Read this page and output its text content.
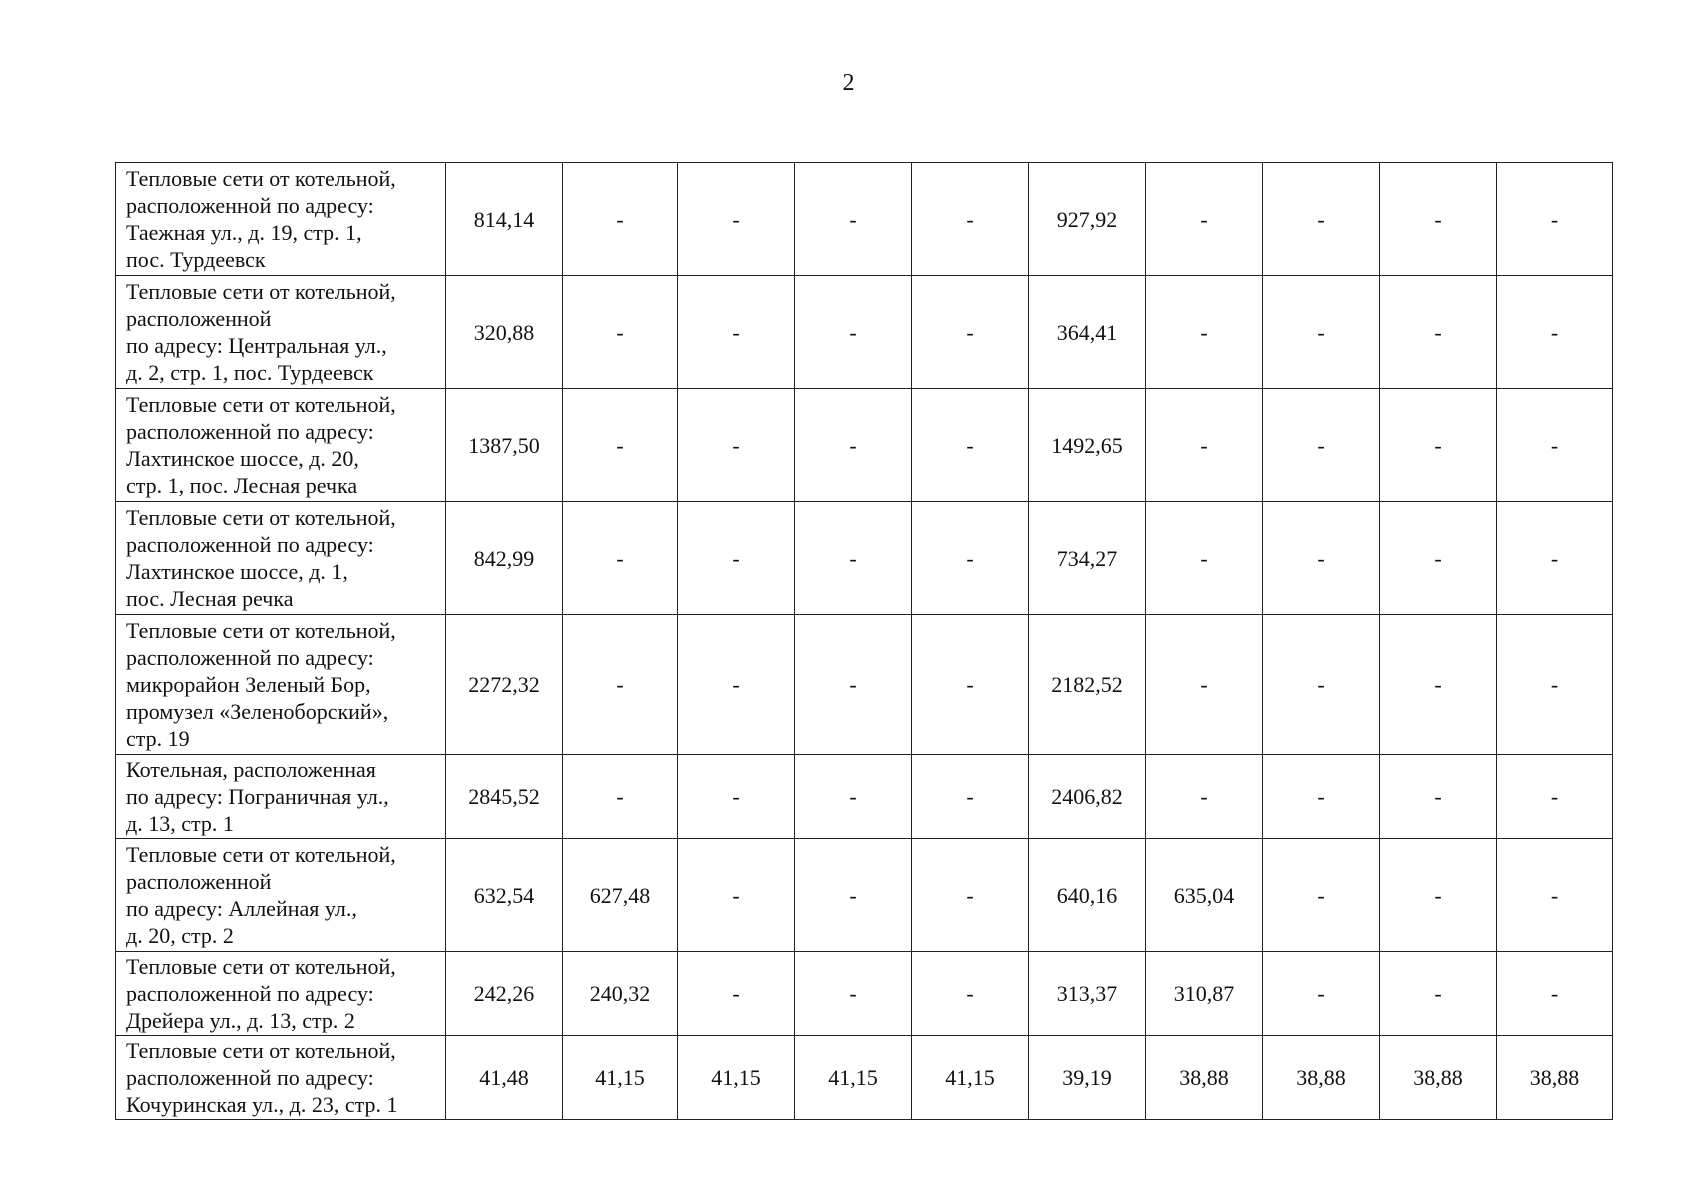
2
Тепловые сети от котельной,
расположенной по адресу:
Таежная ул., д. 19, стр. 1,
пос. Турдеевск	814,14	-	-	-	-	927,92	-	-	-	-

Тепловые сети от котельной,
расположенной
по адресу: Центральная ул.,
д. 2, стр. 1, пос. Турдеевск	320,88	-	-	-	-	364,41	-	-	-	-

Тепловые сети от котельной,
расположенной по адресу:
Лахтинское шоссе, д. 20,
стр. 1, пос. Лесная речка	1387,50	-	-	-	-	1492,65	-	-	-	-

Тепловые сети от котельной,
расположенной по адресу:
Лахтинское шоссе, д. 1,
пос. Лесная речка	842,99	-	-	-	-	734,27	-	-	-	-

Тепловые сети от котельной,
расположенной по адресу:
микрорайон Зеленый Бор,
промузел «Зеленоборский»,
стр. 19	2272,32	-	-	-	-	2182,52	-	-	-	-

Котельная, расположенная
по адресу: Пограничная ул.,
д. 13, стр. 1	2845,52	-	-	-	-	2406,82	-	-	-	-

Тепловые сети от котельной,
расположенной
по адресу: Аллейная ул.,
д. 20, стр. 2	632,54	627,48	-	-	-	640,16	635,04	-	-	-

Тепловые сети от котельной,
расположенной по адресу:
Дрейера ул., д. 13, стр. 2	242,26	240,32	-	-	-	313,37	310,87	-	-	-

Тепловые сети от котельной,
расположенной по адресу:
Кочуринская ул., д. 23, стр. 1	41,48	41,15	41,15	41,15	41,15	39,19	38,88	38,88	38,88	38,88
